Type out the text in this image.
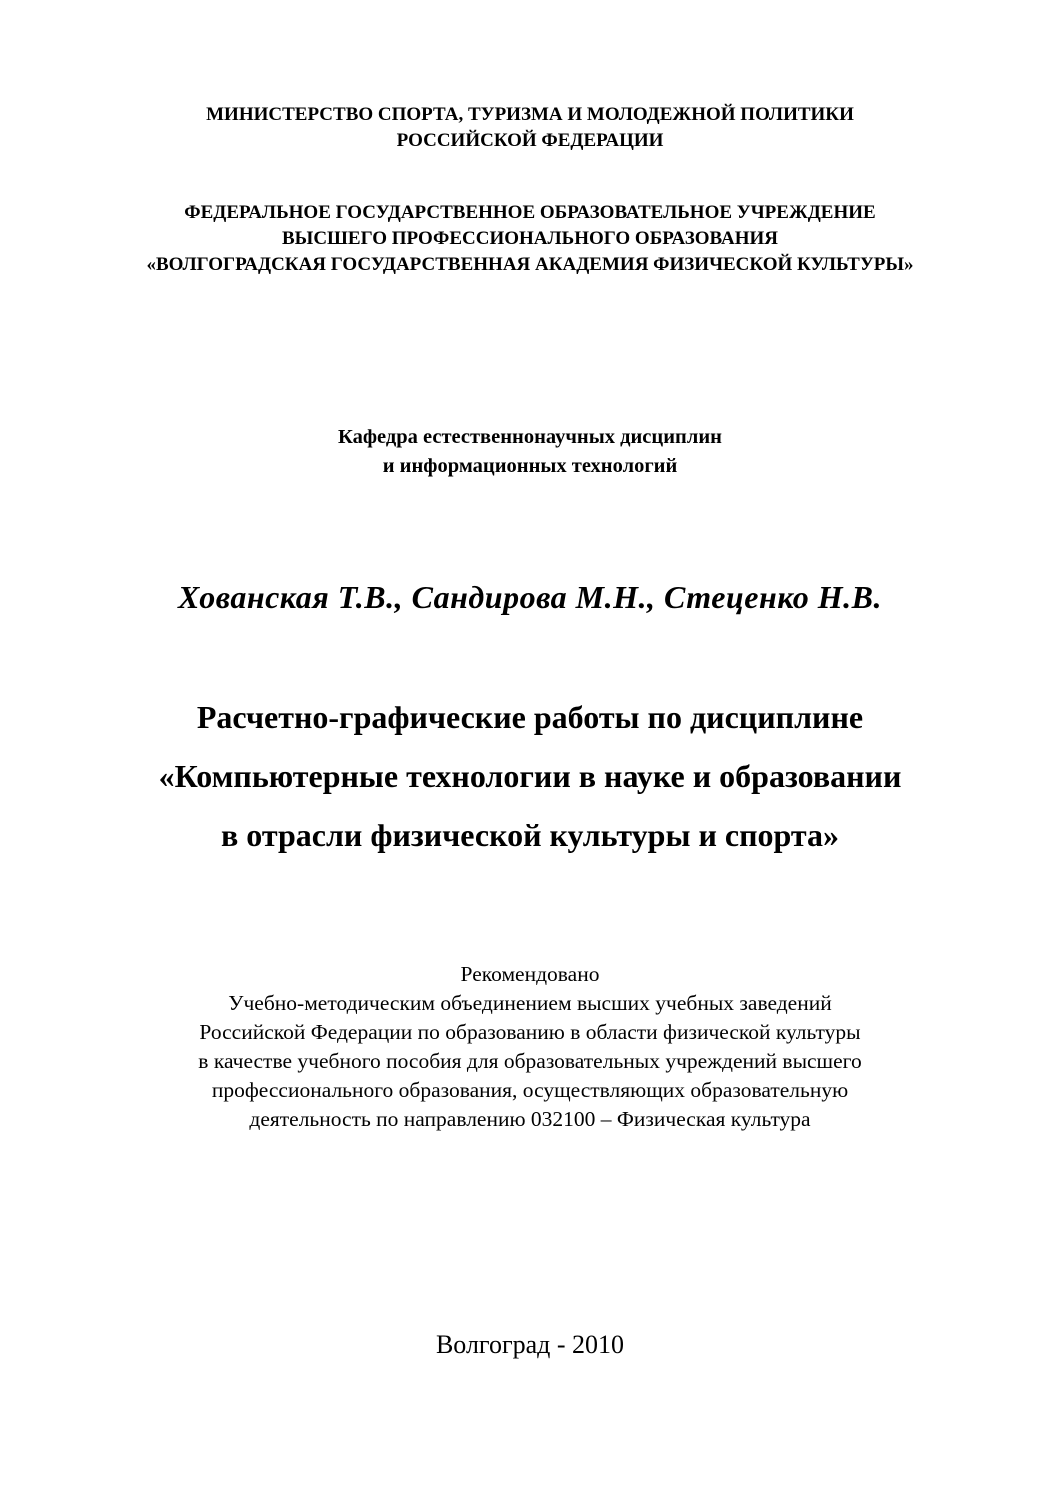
МИНИСТЕРСТВО СПОРТА, ТУРИЗМА И МОЛОДЕЖНОЙ ПОЛИТИКИ
РОССИЙСКОЙ ФЕДЕРАЦИИ
ФЕДЕРАЛЬНОЕ ГОСУДАРСТВЕННОЕ ОБРАЗОВАТЕЛЬНОЕ УЧРЕЖДЕНИЕ
ВЫСШЕГО ПРОФЕССИОНАЛЬНОГО ОБРАЗОВАНИЯ
«ВОЛГОГРАДСКАЯ ГОСУДАРСТВЕННАЯ АКАДЕМИЯ ФИЗИЧЕСКОЙ КУЛЬТУРЫ»
Кафедра естественнонаучных дисциплин
и информационных технологий
Хованская Т.В., Сандирова М.Н., Стеценко Н.В.
Расчетно-графические работы по дисциплине
«Компьютерные технологии в науке и образовании
в отрасли физической культуры и спорта»
Рекомендовано
Учебно-методическим объединением высших учебных заведений
Российской Федерации по образованию в области физической культуры
в качестве учебного пособия для образовательных учреждений высшего
профессионального образования, осуществляющих образовательную
деятельность по направлению 032100 – Физическая культура
Волгоград - 2010
